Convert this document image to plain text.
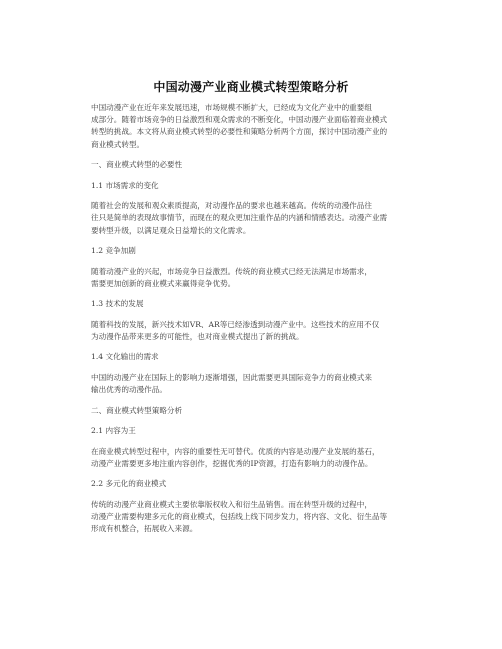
中国动漫产业商业模式转型策略分析
中国动漫产业在近年来发展迅速，市场规模不断扩大，已经成为文化产业中的重要组
成部分。随着市场竞争的日益激烈和观众需求的不断变化，中国动漫产业面临着商业模式
转型的挑战。本文将从商业模式转型的必要性和策略分析两个方面，探讨中国动漫产业的
商业模式转型。
一、商业模式转型的必要性
1.1 市场需求的变化
随着社会的发展和观众素质提高，对动漫作品的要求也越来越高。传统的动漫作品往
往只是简单的表现故事情节，而现在的观众更加注重作品的内涵和情感表达。动漫产业需
要转型升级，以满足观众日益增长的文化需求。
1.2 竞争加剧
随着动漫产业的兴起，市场竞争日益激烈。传统的商业模式已经无法满足市场需求，
需要更加创新的商业模式来赢得竞争优势。
1.3 技术的发展
随着科技的发展，新兴技术如VR、AR等已经渗透到动漫产业中。这些技术的应用不仅
为动漫作品带来更多的可能性，也对商业模式提出了新的挑战。
1.4 文化输出的需求
中国的动漫产业在国际上的影响力逐渐增强，因此需要更具国际竞争力的商业模式来
输出优秀的动漫作品。
二、商业模式转型策略分析
2.1 内容为王
在商业模式转型过程中，内容的重要性无可替代。优质的内容是动漫产业发展的基石，
动漫产业需要更多地注重内容创作，挖掘优秀的IP资源，打造有影响力的动漫作品。
2.2 多元化的商业模式
传统的动漫产业商业模式主要依靠版权收入和衍生品销售。而在转型升级的过程中，
动漫产业需要构建多元化的商业模式，包括线上线下同步发力，将内容、文化、衍生品等
形成有机整合，拓展收入来源。
